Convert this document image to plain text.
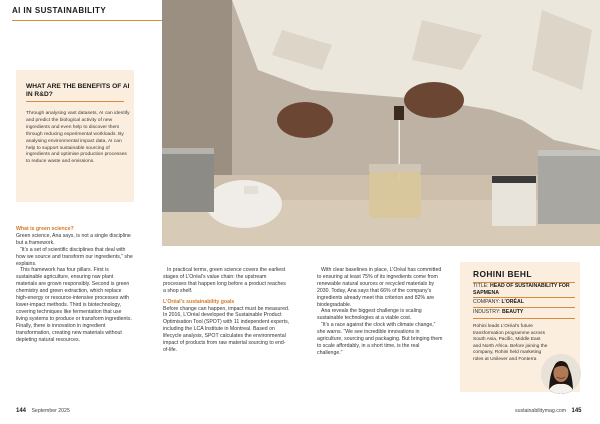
AI IN SUSTAINABILITY
WHAT ARE THE BENEFITS OF AI IN R&D?
Through analysing vast datasets, AI can identify and predict the biological activity of new ingredients and even help to discover them through reducing experimental workloads. By analysing environmental impact data, AI can help to support sustainable sourcing of ingredients and optimise production processes to reduce waste and emissions.

What is green science?

Green science, Ana says, is not a single discipline but a framework.

“It’s a set of scientific disciplines that deal with how we source and transform our ingredients,” she explains.

This framework has four pillars. First is sustainable agriculture, ensuring raw plant materials are grown responsibly. Second is green chemistry and green extraction, which replace high-energy or resource-intensive processes with lower-impact methods. Third is biotechnology, covering techniques like fermentation that use living systems to produce or transform ingredients. Finally, there is innovation in ingredient transformation, creating new materials without depleting natural resources.

In practical terms, green science covers the earliest stages of L’Oréal’s value chain: the upstream processes that happen long before a product reaches a shop shelf.

L’Oréal’s sustainability goals

Before change can happen, impact must be measured. In 2016, L’Oréal developed the Sustainable Product Optimisation Tool (SPOT) with 11 independent experts, including the LCA Institute in Montreal. Based on lifecycle analysis, SPOT calculates the environmental impact of products from raw material sourcing to end-of-life.

With clear baselines in place, L’Oréal has committed to ensuring at least 75% of its ingredients come from renewable natural sources or recycled materials by 2030. Today, Ana says that 66% of the company’s ingredients already meet this criterion and 82% are biodegradable.

Ana reveals the biggest challenge is scaling sustainable technologies at a viable cost.

“It’s a race against the clock with climate change,” she warns. “We see incredible innovations in agriculture, sourcing and packaging. But bringing them to scale affordably, in a short time, is the real challenge.”

ROHINI BEHL
TITLE: HEAD OF SUSTAINABILITY FOR SAPMENA
COMPANY: L’ORÉAL
INDUSTRY: BEAUTY
Rohini leads L’Oréal’s future transformation programme across South Asia, Pacific, Middle East and North Africa. Before joining the company, Rohini held marketing roles at Unilever and Fonterra
144 September 2025	sustainabilitymag.com 145
